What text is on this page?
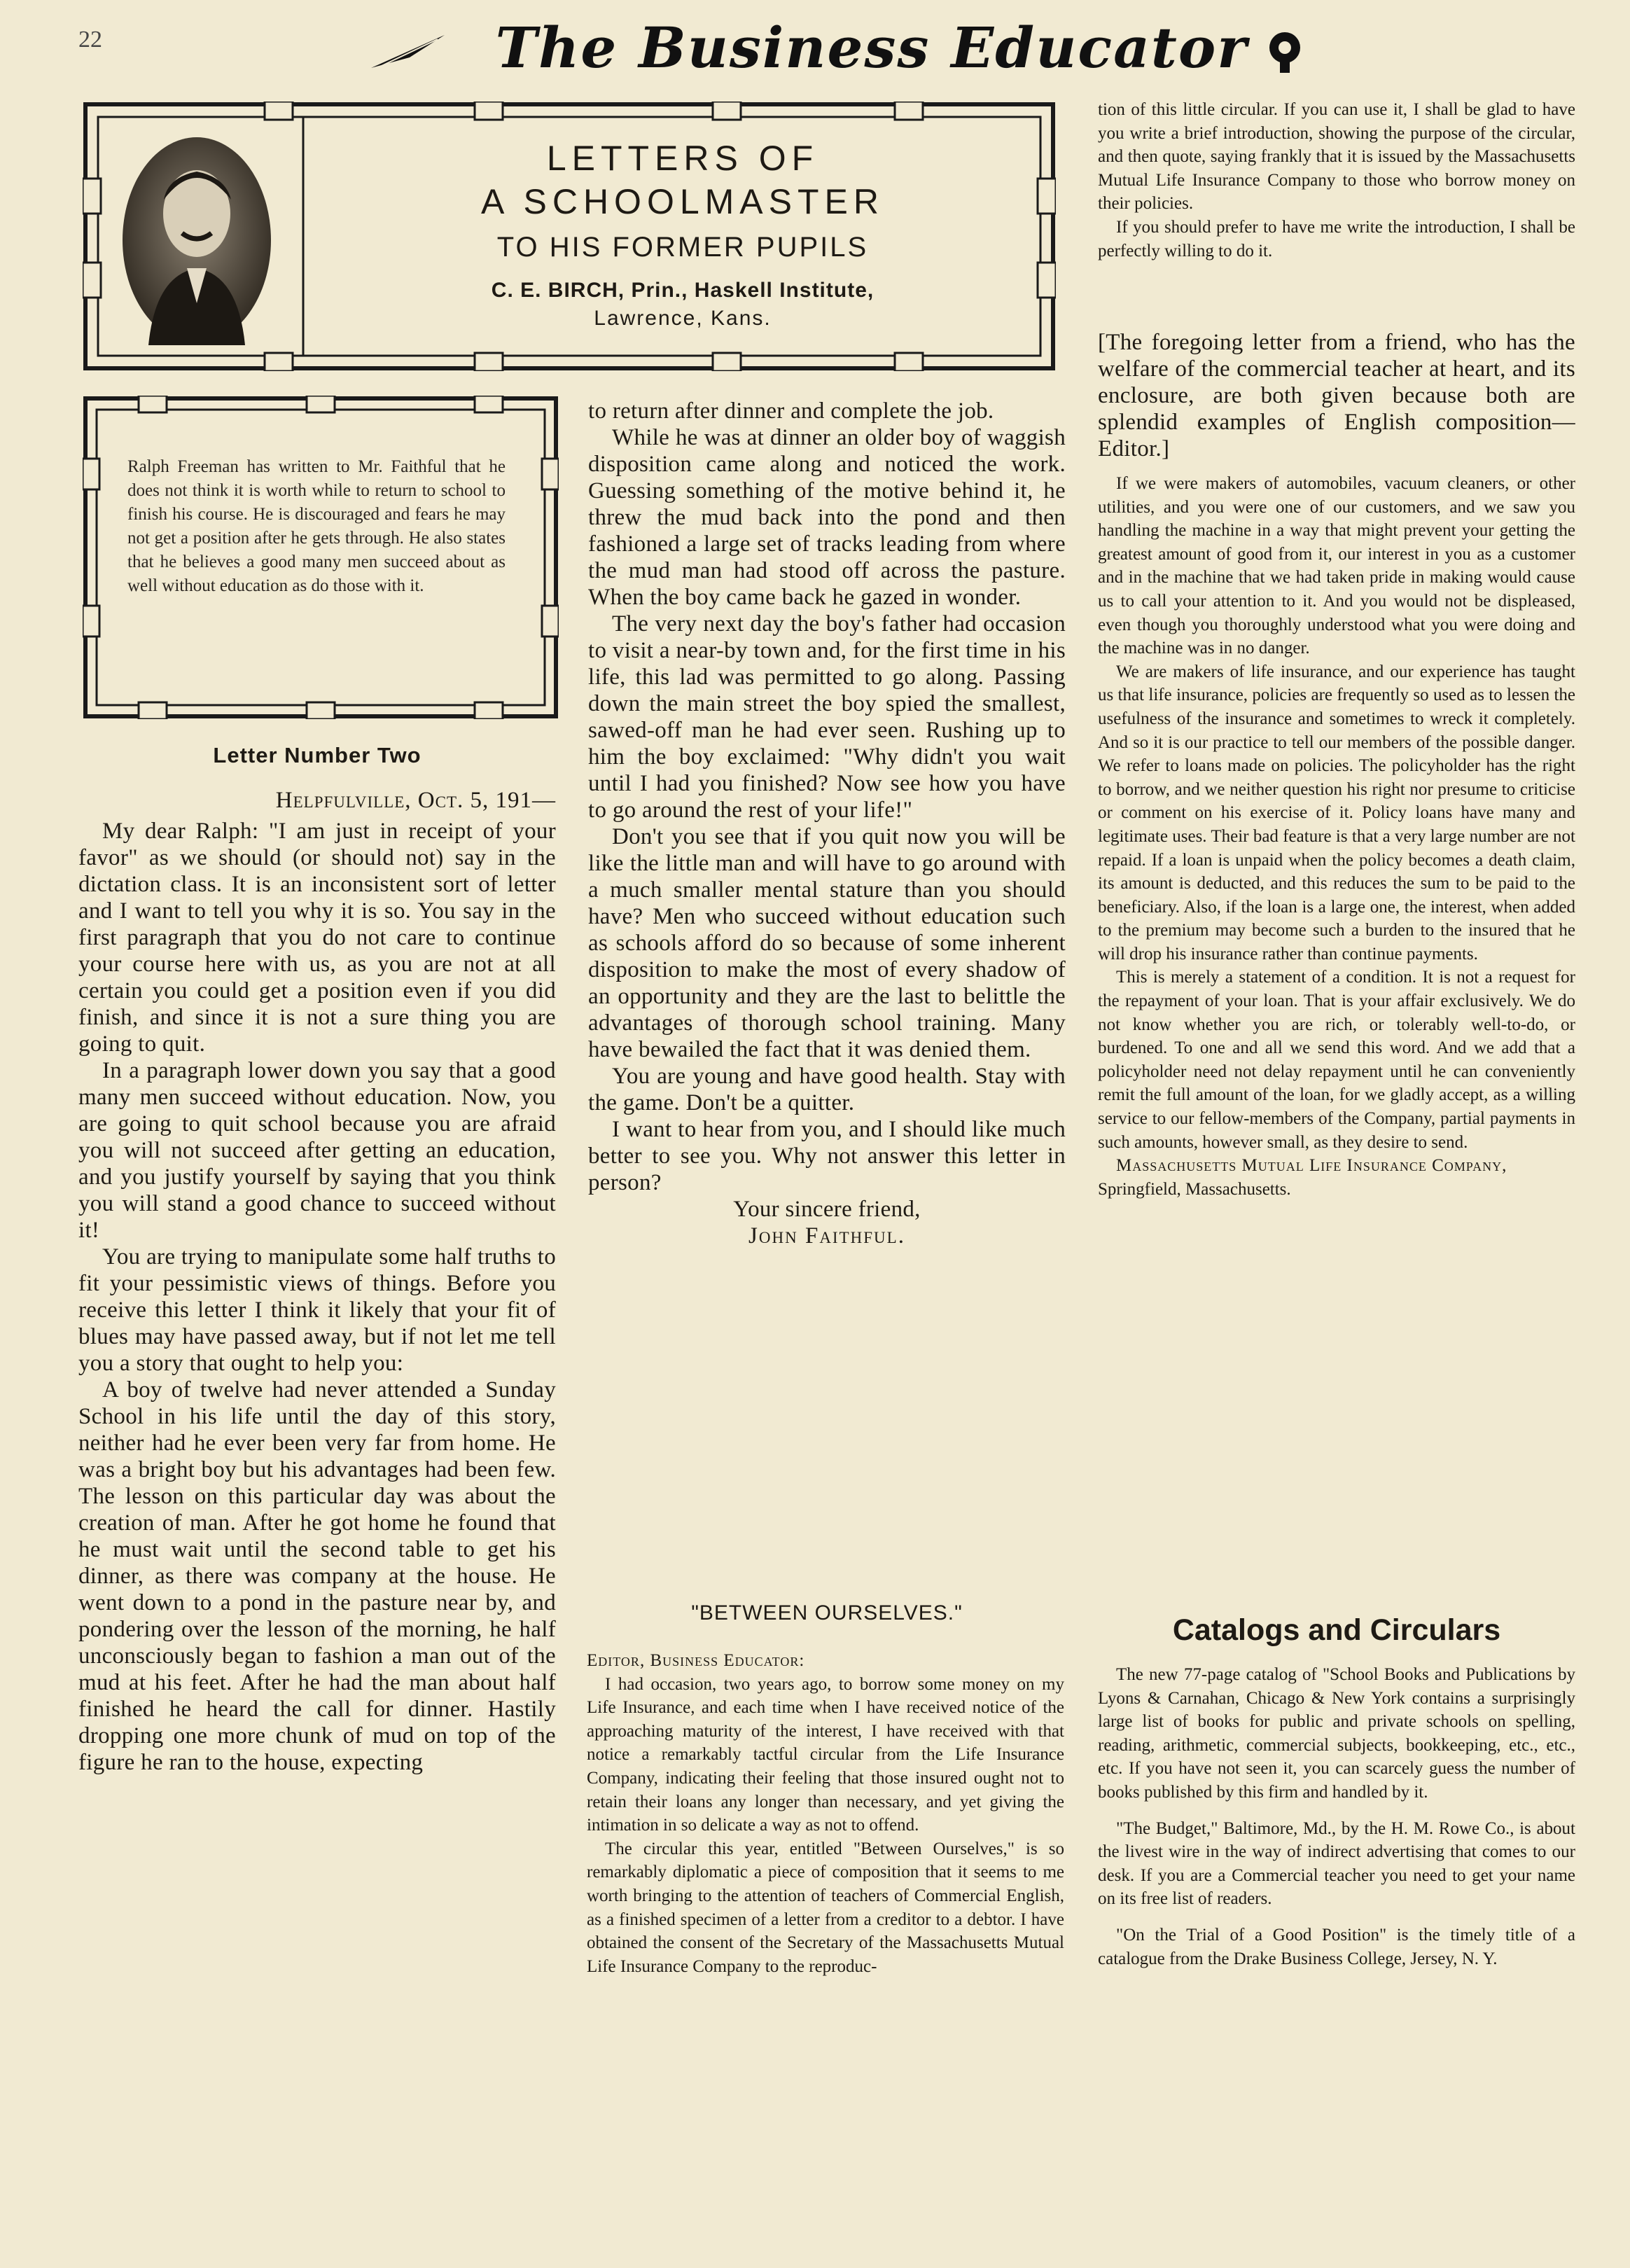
22	The Business Educator
LETTERS OF
A SCHOOLMASTER
TO HIS FORMER PUPILS
C. E. BIRCH, Prin., Haskell Institute,
Lawrence, Kans.
Ralph Freeman has written to Mr. Faithful that he does not think it is worth while to return to school to finish his course. He is discouraged and fears he may not get a position after he gets through. He also states that he believes a good many men succeed about as well without education as do those with it.

Letter Number Two

Helpfulville, Oct. 5, 191—

My dear Ralph: "I am just in receipt of your favor" as we should (or should not) say in the dictation class. It is an inconsistent sort of letter and I want to tell you why it is so. You say in the first paragraph that you do not care to continue your course here with us, as you are not at all certain you could get a position even if you did finish, and since it is not a sure thing you are going to quit.

In a paragraph lower down you say that a good many men succeed without education. Now, you are going to quit school because you are afraid you will not succeed after getting an education, and you justify yourself by saying that you think you will stand a good chance to succeed without it!

You are trying to manipulate some half truths to fit your pessimistic views of things. Before you receive this letter I think it likely that your fit of blues may have passed away, but if not let me tell you a story that ought to help you:

A boy of twelve had never attended a Sunday School in his life until the day of this story, neither had he ever been very far from home. He was a bright boy but his advantages had been few. The lesson on this particular day was about the creation of man. After he got home he found that he must wait until the second table to get his dinner, as there was company at the house. He went down to a pond in the pasture near by, and pondering over the lesson of the morning, he half unconsciously began to fashion a man out of the mud at his feet. After he had the man about half finished he heard the call for dinner. Hastily dropping one more chunk of mud on top of the figure he ran to the house, expecting

to return after dinner and complete the job.

While he was at dinner an older boy of waggish disposition came along and noticed the work. Guessing something of the motive behind it, he threw the mud back into the pond and then fashioned a large set of tracks leading from where the mud man had stood off across the pasture. When the boy came back he gazed in wonder.

The very next day the boy's father had occasion to visit a near-by town and, for the first time in his life, this lad was permitted to go along. Passing down the main street the boy spied the smallest, sawed-off man he had ever seen. Rushing up to him the boy exclaimed: "Why didn't you wait until I had you finished? Now see how you have to go around the rest of your life!"

Don't you see that if you quit now you will be like the little man and will have to go around with a much smaller mental stature than you should have? Men who succeed without education such as schools afford do so because of some inherent disposition to make the most of every shadow of an opportunity and they are the last to belittle the advantages of thorough school training. Many have bewailed the fact that it was denied them.

You are young and have good health. Stay with the game. Don't be a quitter.

I want to hear from you, and I should like much better to see you. Why not answer this letter in person?

Your sincere friend,

John Faithful.

"BETWEEN OURSELVES."

Editor, Business Educator:

I had occasion, two years ago, to borrow some money on my Life Insurance, and each time when I have received notice of the approaching maturity of the interest, I have received with that notice a remarkably tactful circular from the Life Insurance Company, indicating their feeling that those insured ought not to retain their loans any longer than necessary, and yet giving the intimation in so delicate a way as not to offend.

The circular this year, entitled "Between Ourselves," is so remarkably diplomatic a piece of composition that it seems to me worth bringing to the attention of teachers of Commercial English, as a finished specimen of a letter from a creditor to a debtor. I have obtained the consent of the Secretary of the Massachusetts Mutual Life Insurance Company to the reproduc-

tion of this little circular. If you can use it, I shall be glad to have you write a brief introduction, showing the purpose of the circular, and then quote, saying frankly that it is issued by the Massachusetts Mutual Life Insurance Company to those who borrow money on their policies.

If you should prefer to have me write the introduction, I shall be perfectly willing to do it.

[The foregoing letter from a friend, who has the welfare of the commercial teacher at heart, and its enclosure, are both given because both are splendid examples of English composition—Editor.]

If we were makers of automobiles, vacuum cleaners, or other utilities, and you were one of our customers, and we saw you handling the machine in a way that might prevent your getting the greatest amount of good from it, our interest in you as a customer and in the machine that we had taken pride in making would cause us to call your attention to it. And you would not be displeased, even though you thoroughly understood what you were doing and the machine was in no danger.

We are makers of life insurance, and our experience has taught us that life insurance, policies are frequently so used as to lessen the usefulness of the insurance and sometimes to wreck it completely. And so it is our practice to tell our members of the possible danger. We refer to loans made on policies. The policyholder has the right to borrow, and we neither question his right nor presume to criticise or comment on his exercise of it. Policy loans have many and legitimate uses. Their bad feature is that a very large number are not repaid. If a loan is unpaid when the policy becomes a death claim, its amount is deducted, and this reduces the sum to be paid to the beneficiary. Also, if the loan is a large one, the interest, when added to the premium may become such a burden to the insured that he will drop his insurance rather than continue payments.

This is merely a statement of a condition. It is not a request for the repayment of your loan. That is your affair exclusively. We do not know whether you are rich, or tolerably well-to-do, or burdened. To one and all we send this word. And we add that a policyholder need not delay repayment until he can conveniently remit the full amount of the loan, for we gladly accept, as a willing service to our fellow-members of the Company, partial payments in such amounts, however small, as they desire to send.

Massachusetts Mutual Life Insurance Company,

Springfield, Massachusetts.

Catalogs and Circulars

The new 77-page catalog of "School Books and Publications by Lyons & Carnahan, Chicago & New York contains a surprisingly large list of books for public and private schools on spelling, reading, arithmetic, commercial subjects, bookkeeping, etc., etc., etc. If you have not seen it, you can scarcely guess the number of books published by this firm and handled by it.

"The Budget," Baltimore, Md., by the H. M. Rowe Co., is about the livest wire in the way of indirect advertising that comes to our desk. If you are a Commercial teacher you need to get your name on its free list of readers.

"On the Trial of a Good Position" is the timely title of a catalogue from the Drake Business College, Jersey, N. Y.
